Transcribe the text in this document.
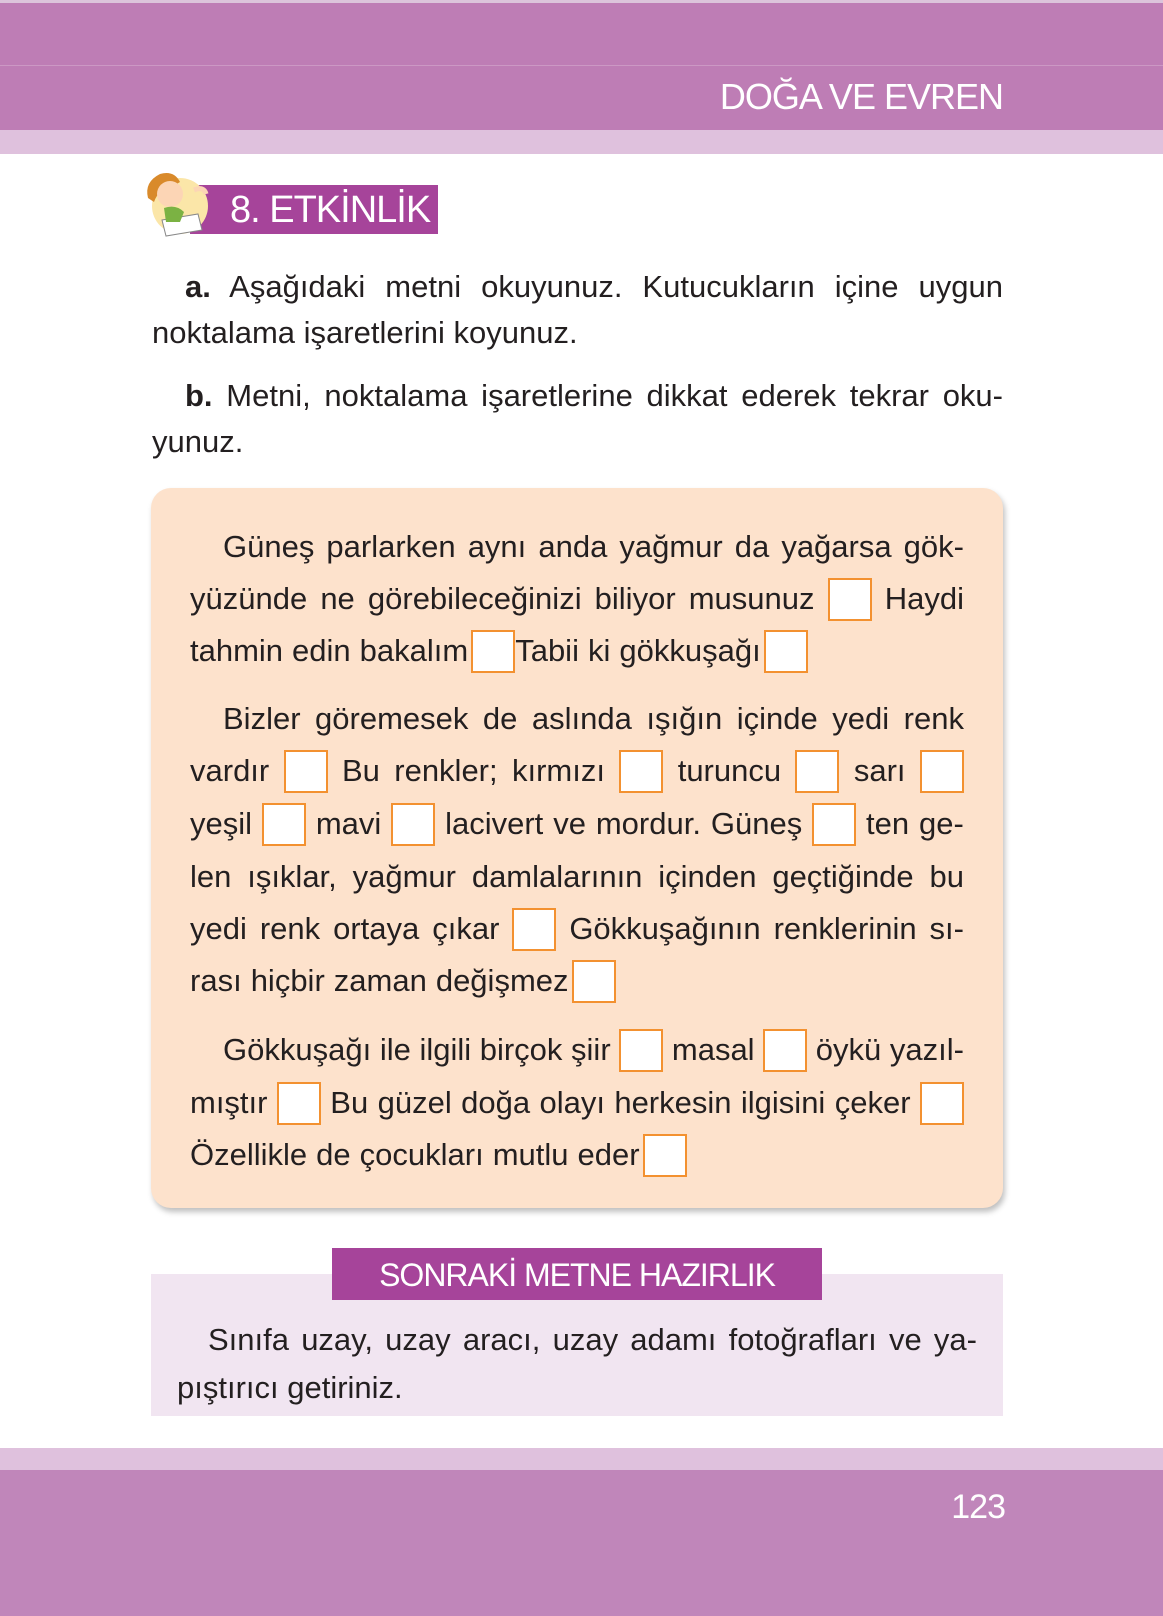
DOĞA VE EVREN
8. ETKİNLİK
a. Aşağıdaki metni okuyunuz. Kutucukların içine uygun
noktalama işaretlerini koyunuz.
b. Metni, noktalama işaretlerine dikkat ederek tekrar oku-
yunuz.
Güneş parlarken aynı anda yağmur da yağarsa gök-
yüzünde ne görebileceğinizi biliyor musunuz Haydi
tahmin edin bakalım Tabii ki gökkuşağı
Bizler göremesek de aslında ışığın içinde yedi renk
vardır Bu renkler; kırmızı turuncu sarı
yeşil mavi lacivert ve mordur. Güneş ten ge-
len ışıklar, yağmur damlalarının içinden geçtiğinde bu
yedi renk ortaya çıkar Gökkuşağının renklerinin sı-
rası hiçbir zaman değişmez
Gökkuşağı ile ilgili birçok şiir masal öykü yazıl-
mıştır Bu güzel doğa olayı herkesin ilgisini çeker
Özellikle de çocukları mutlu eder
SONRAKİ METNE HAZIRLIK
Sınıfa uzay, uzay aracı, uzay adamı fotoğrafları ve ya-
pıştırıcı getiriniz.
123
